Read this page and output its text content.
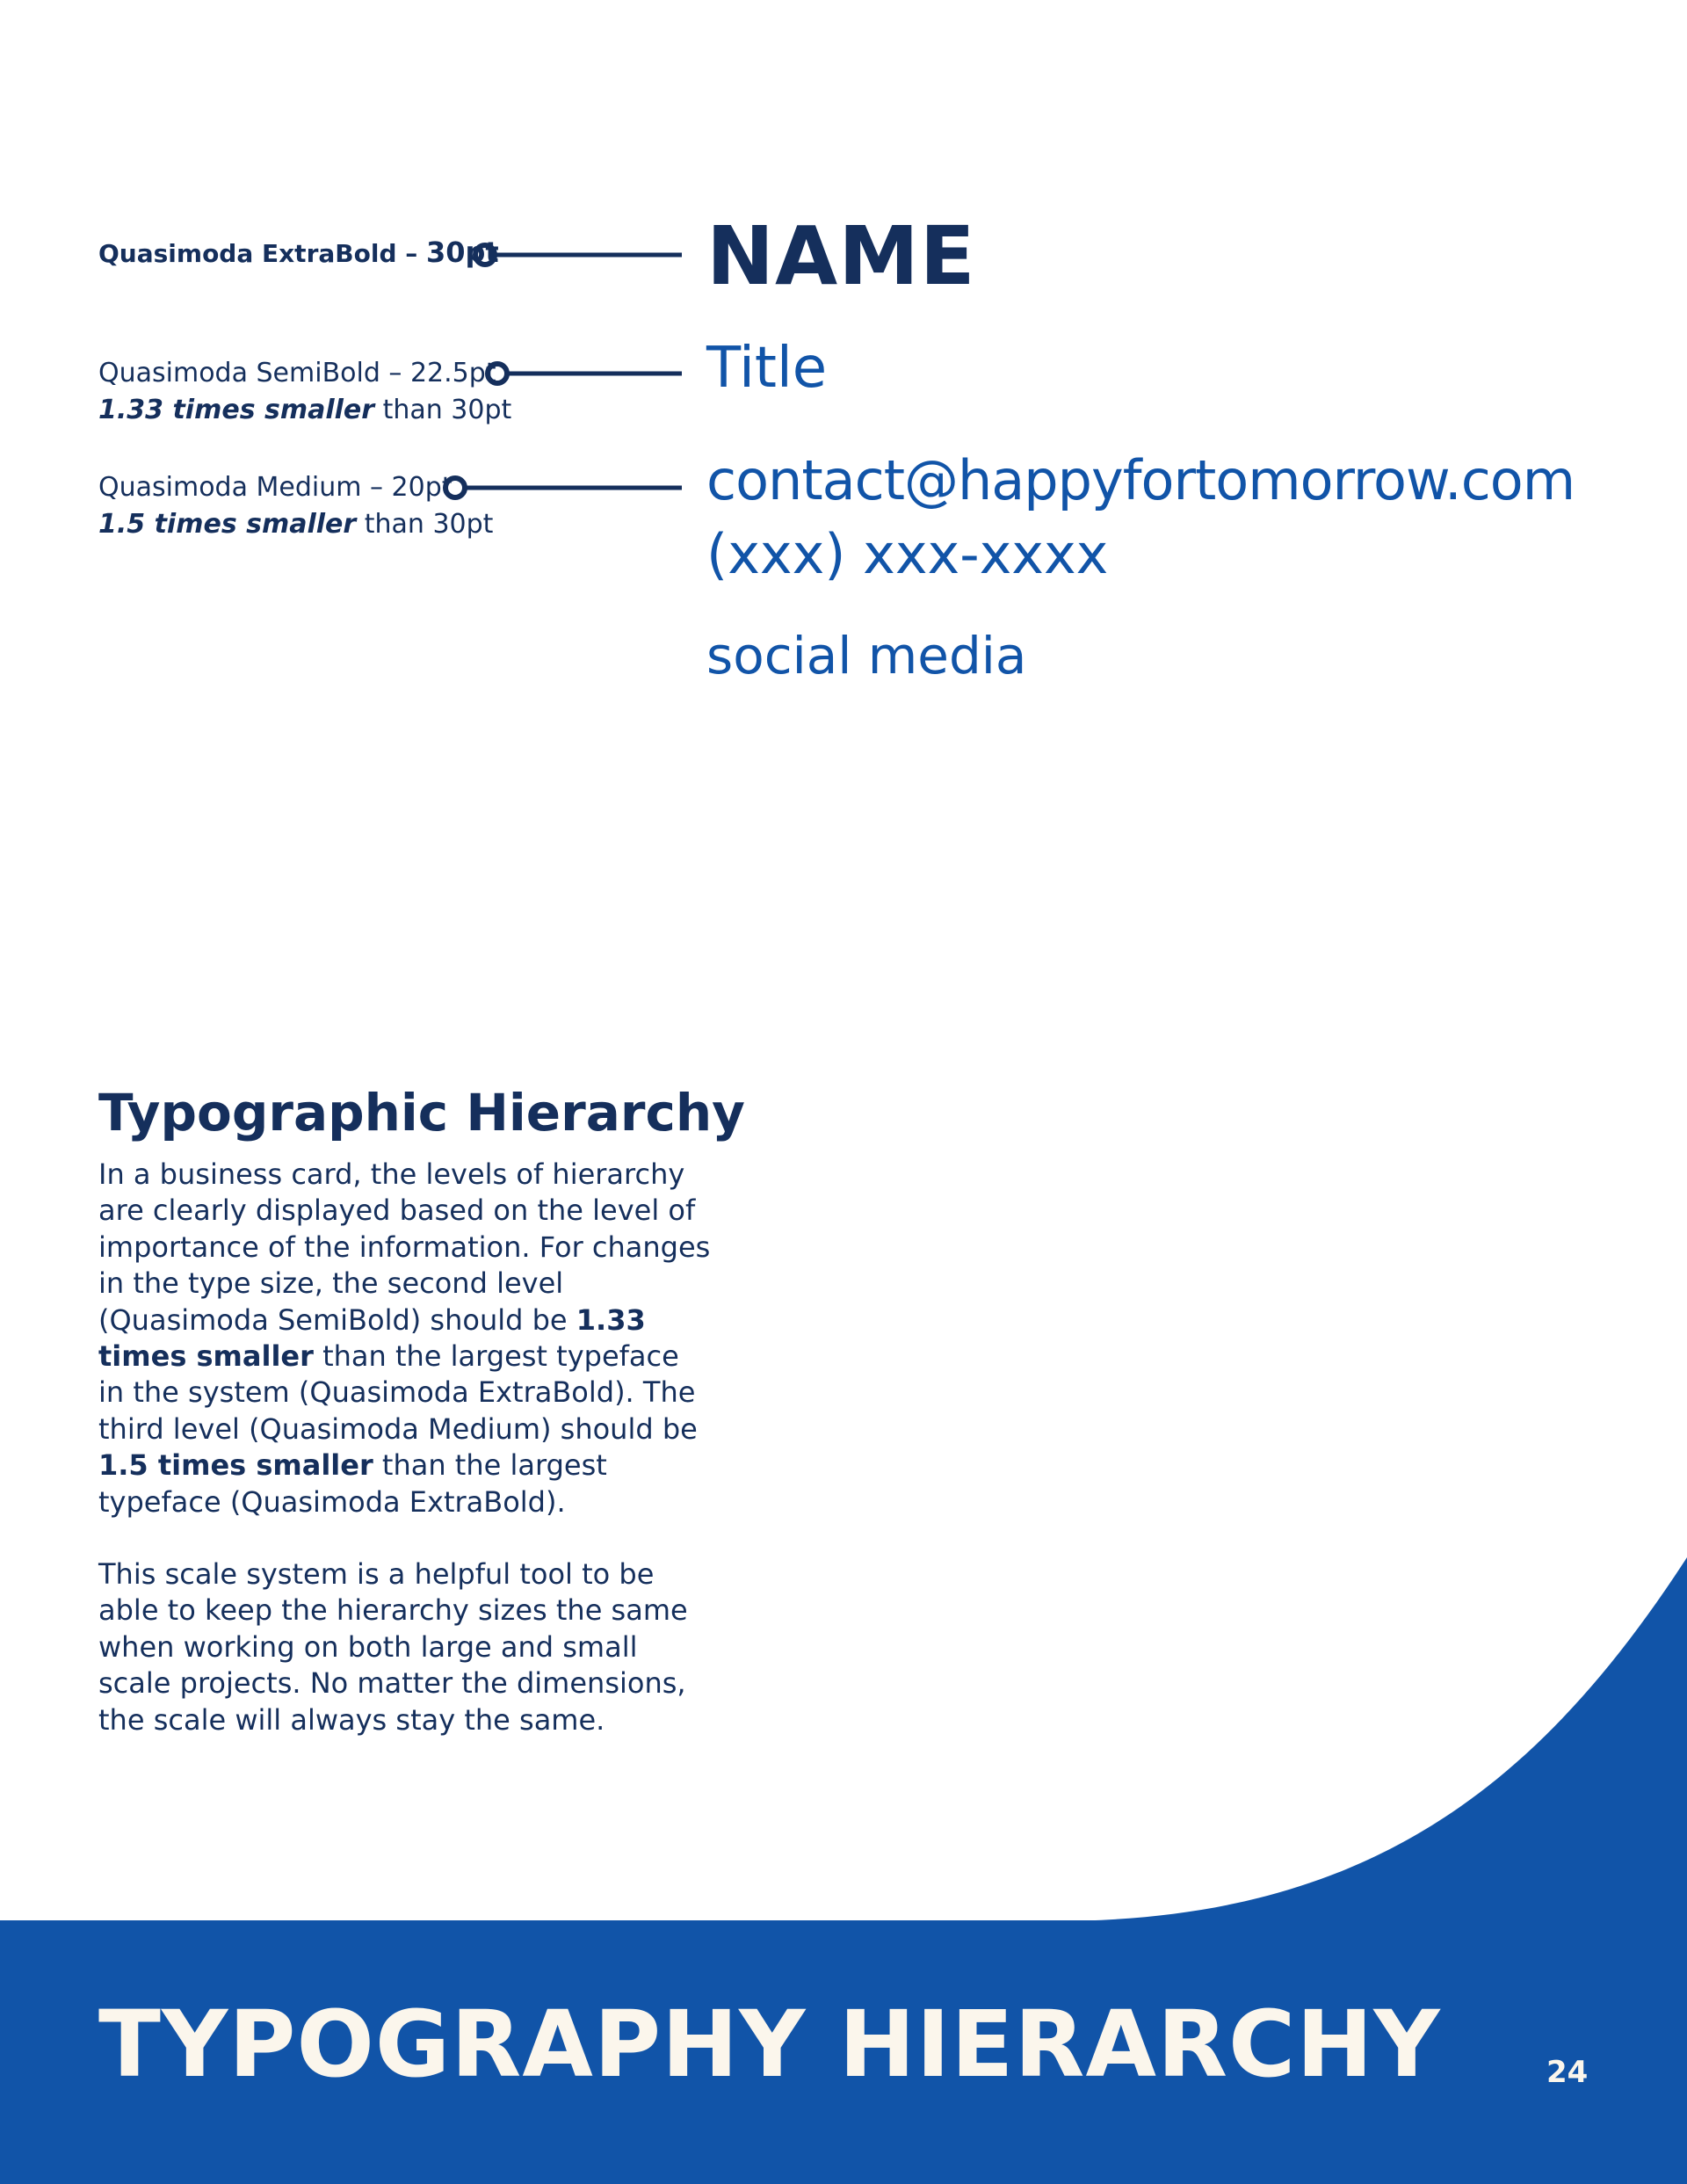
Quasimoda ExtraBold – 30pt
Quasimoda SemiBold – 22.5pt
1.33 times smaller than 30pt
Quasimoda Medium – 20pt
1.5 times smaller than 30pt
NAME
Title
contact@happyfortomorrow.com
(xxx) xxx-xxxx
social media
Typographic Hierarchy

In a business card, the levels of hierarchy are clearly displayed based on the level of importance of the information. For changes in the type size, the second level (Quasimoda SemiBold) should be 1.33 times smaller than the largest typeface in the system (Quasimoda ExtraBold). The third level (Quasimoda Medium) should be 1.5 times smaller than the largest typeface (Quasimoda ExtraBold).

This scale system is a helpful tool to be able to keep the hierarchy sizes the same when working on both large and small scale projects. No matter the dimensions, the scale will always stay the same.

TYPOGRAPHY HIERARCHY	24
